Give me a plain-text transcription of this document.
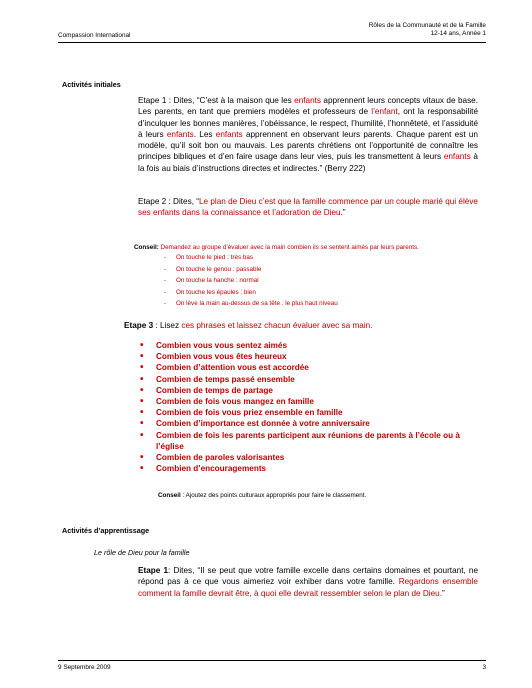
Compassion International
Rôles de la Communauté et de la Famille
12-14 ans, Année 1
Activités initiales
Etape 1 : Dites, “C’est à la maison que les enfants apprennent leurs concepts vitaux de base. Les parents, en tant que premiers modèles et professeurs de l’enfant, ont la responsabilité d’inculquer les bonnes manières, l’obéissance, le respect, l’humilité, l’honnêteté, et l’assiduité à leurs enfants. Les enfants apprennent en observant leurs parents. Chaque parent est un modèle, qu’il soit bon ou mauvais. Les parents chrétiens ont l’opportunité de connaître les principes bibliques et d’en faire usage dans leur vies, puis les transmettent à leurs enfants à la fois au biais d’instructions directes et indirectes.” (Berry 222)
Etape 2 : Dites, “Le plan de Dieu c’est que la famille commence par un couple marié qui élève ses enfants dans la connaissance et l’adoration de Dieu.”
Conseil: Demandez au groupe d’évaluer avec la main combien ils se sentent aimés par leurs parents.
- On touche le pied : très bas
- On touche le genou : passable
- On touche la hanche : normal
- On touche les épaules : bien
- On lève la main au-dessus de sa tête : le plus haut niveau
Etape 3 : Lisez ces phrases et laissez chacun évaluer avec sa main.
• Combien vous vous sentez aimés
• Combien vous vous êtes heureux
• Combien d’attention vous est accordée
• Combien de temps passé ensemble
• Combien de temps de partage
• Combien de fois vous mangez en famille
• Combien de fois vous priez ensemble en famille
• Combien d’importance est donnée à votre anniversaire
• Combien de fois les parents participent aux réunions de parents à l’école ou à l’église
• Combien de paroles valorisantes
• Combien d’encouragements
Conseil : Ajoutez des points culturaux appropriés pour faire le classement.
Activités d’apprentissage
Le rôle de Dieu pour la famille
Etape 1: Dites, “Il se peut que votre famille excelle dans certains domaines et pourtant, ne répond pas à ce que vous aimeriez voir exhiber dans votre famille. Regardons ensemble comment la famille devrait être, à quoi elle devrait ressembler selon le plan de Dieu.”
9 Septembre 2009	3
